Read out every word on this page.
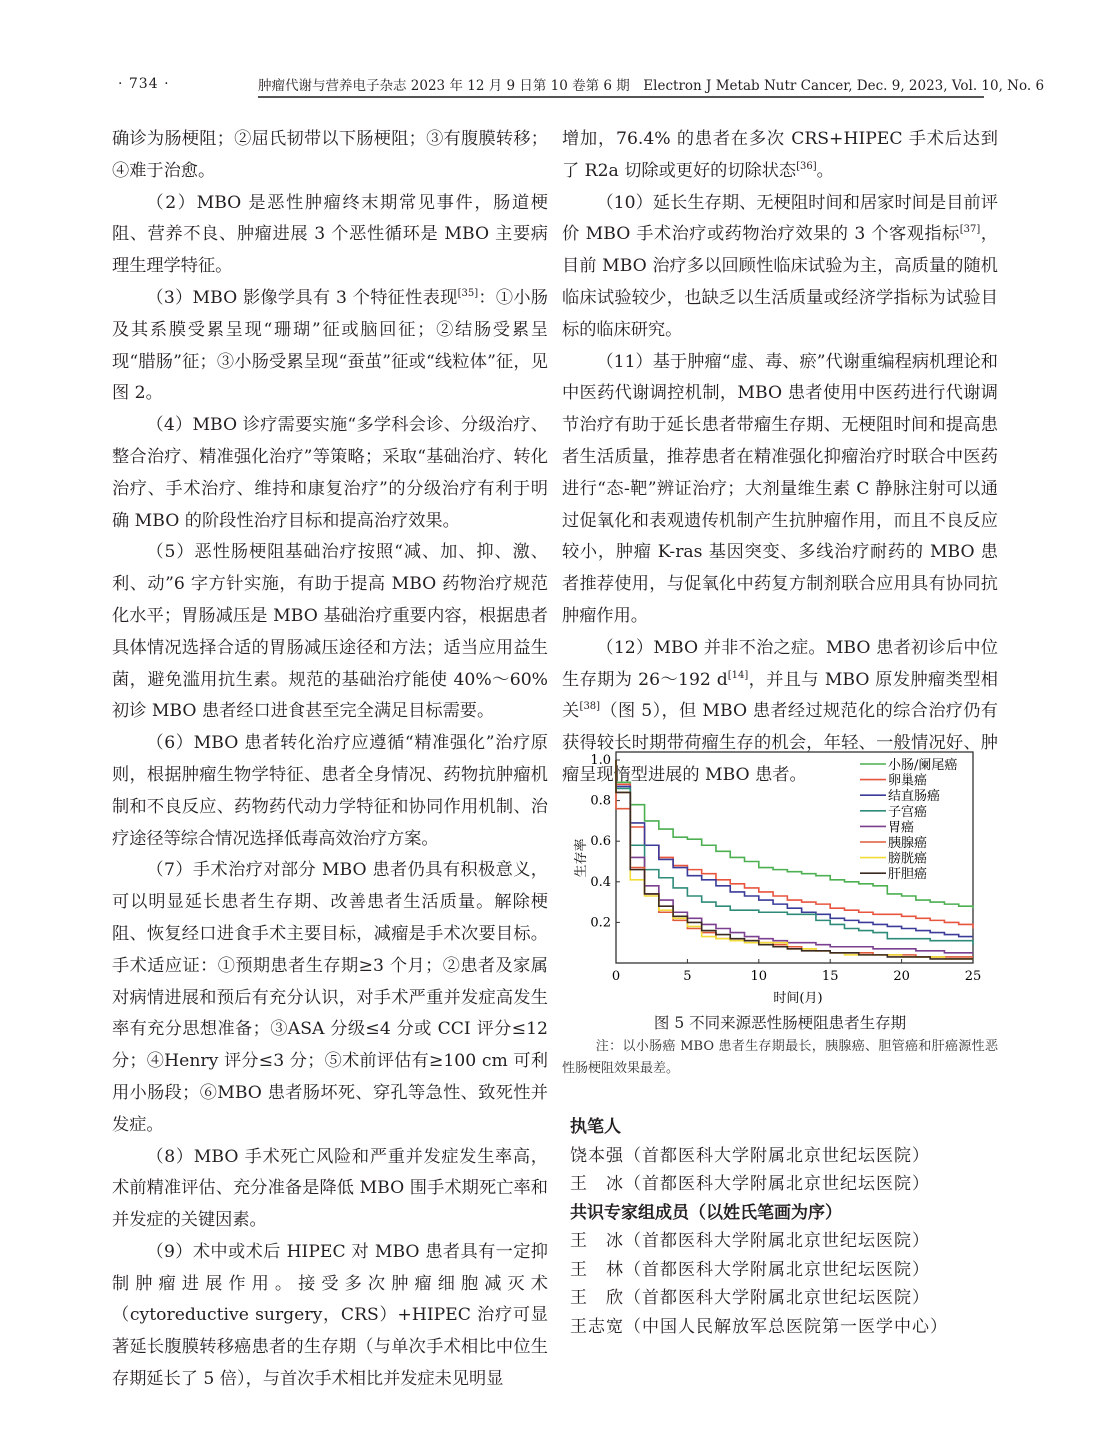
· 734 ·	肿瘤代谢与营养电子杂志 2023 年 12 月 9 日第 10 卷第 6 期　Electron J Metab Nutr Cancer, Dec. 9, 2023, Vol. 10, No. 6

确诊为肠梗阻；②屈氏韧带以下肠梗阻；③有腹膜转移；④难于治愈。

（2）MBO 是恶性肿瘤终末期常见事件，肠道梗阻、营养不良、肿瘤进展 3 个恶性循环是 MBO 主要病理生理学特征。

（3）MBO 影像学具有 3 个特征性表现[35]：①小肠及其系膜受累呈现“珊瑚”征或脑回征；②结肠受累呈现“腊肠”征；③小肠受累呈现“蚕茧”征或“线粒体”征，见图 2。

（4）MBO 诊疗需要实施“多学科会诊、分级治疗、整合治疗、精准强化治疗”等策略；采取“基础治疗、转化治疗、手术治疗、维持和康复治疗”的分级治疗有利于明确 MBO 的阶段性治疗目标和提高治疗效果。

（5）恶性肠梗阻基础治疗按照“减、加、抑、激、利、动”6 字方针实施，有助于提高 MBO 药物治疗规范化水平；胃肠减压是 MBO 基础治疗重要内容，根据患者具体情况选择合适的胃肠减压途径和方法；适当应用益生菌，避免滥用抗生素。规范的基础治疗能使 40%～60% 初诊 MBO 患者经口进食甚至完全满足目标需要。

（6）MBO 患者转化治疗应遵循“精准强化”治疗原则，根据肿瘤生物学特征、患者全身情况、药物抗肿瘤机制和不良反应、药物药代动力学特征和协同作用机制、治疗途径等综合情况选择低毒高效治疗方案。

（7）手术治疗对部分 MBO 患者仍具有积极意义，可以明显延长患者生存期、改善患者生活质量。解除梗阻、恢复经口进食手术主要目标，减瘤是手术次要目标。手术适应证：①预期患者生存期≥3 个月；②患者及家属对病情进展和预后有充分认识，对手术严重并发症高发生率有充分思想准备；③ASA 分级≤4 分或 CCI 评分≤12 分；④Henry 评分≤3 分；⑤术前评估有≥100 cm 可利用小肠段；⑥MBO 患者肠坏死、穿孔等急性、致死性并发症。

（8）MBO 手术死亡风险和严重并发症发生率高，术前精准评估、充分准备是降低 MBO 围手术期死亡率和并发症的关键因素。

（9）术中或术后 HIPEC 对 MBO 患者具有一定抑制肿瘤进展作用。接受多次肿瘤细胞减灭术（cytoreductive surgery，CRS）+HIPEC 治疗可显著延长腹膜转移癌患者的生存期（与单次手术相比中位生存期延长了 5 倍），与首次手术相比并发症未见明显

增加，76.4% 的患者在多次 CRS+HIPEC 手术后达到了 R2a 切除或更好的切除状态[36]。

（10）延长生存期、无梗阻时间和居家时间是目前评价 MBO 手术治疗或药物治疗效果的 3 个客观指标[37]，目前 MBO 治疗多以回顾性临床试验为主，高质量的随机临床试验较少，也缺乏以生活质量或经济学指标为试验目标的临床研究。

（11）基于肿瘤“虚、毒、瘀”代谢重编程病机理论和中医药代谢调控机制，MBO 患者使用中医药进行代谢调节治疗有助于延长患者带瘤生存期、无梗阻时间和提高患者生活质量，推荐患者在精准强化抑瘤治疗时联合中医药进行“态-靶”辨证治疗；大剂量维生素 C 静脉注射可以通过促氧化和表观遗传机制产生抗肿瘤作用，而且不良反应较小，肿瘤 K-ras 基因突变、多线治疗耐药的 MBO 患者推荐使用，与促氧化中药复方制剂联合应用具有协同抗肿瘤作用。

（12）MBO 并非不治之症。MBO 患者初诊后中位生存期为 26～192 d[14]，并且与 MBO 原发肿瘤类型相关[38]（图 5），但 MBO 患者经过规范化的综合治疗仍有获得较长时期带荷瘤生存的机会，年轻、一般情况好、肿瘤呈现惰型进展的 MBO 患者。

0	5	10	15	20	25
0.2
0.4
0.6
0.8
1.0	小肠/阑尾癌
卵巢癌
结直肠癌
子宫癌
胃癌
胰腺癌
膀胱癌
肝胆癌
时间(月)
生存率
图 5 不同来源恶性肠梗阻患者生存期

注：以小肠癌 MBO 患者生存期最长，胰腺癌、胆管癌和肝癌源性恶性肠梗阻效果最差。

执笔人
饶本强（首都医科大学附属北京世纪坛医院）
王　冰（首都医科大学附属北京世纪坛医院）
共识专家组成员（以姓氏笔画为序）
王　冰（首都医科大学附属北京世纪坛医院）
王　林（首都医科大学附属北京世纪坛医院）
王　欣（首都医科大学附属北京世纪坛医院）
王志宽（中国人民解放军总医院第一医学中心）
